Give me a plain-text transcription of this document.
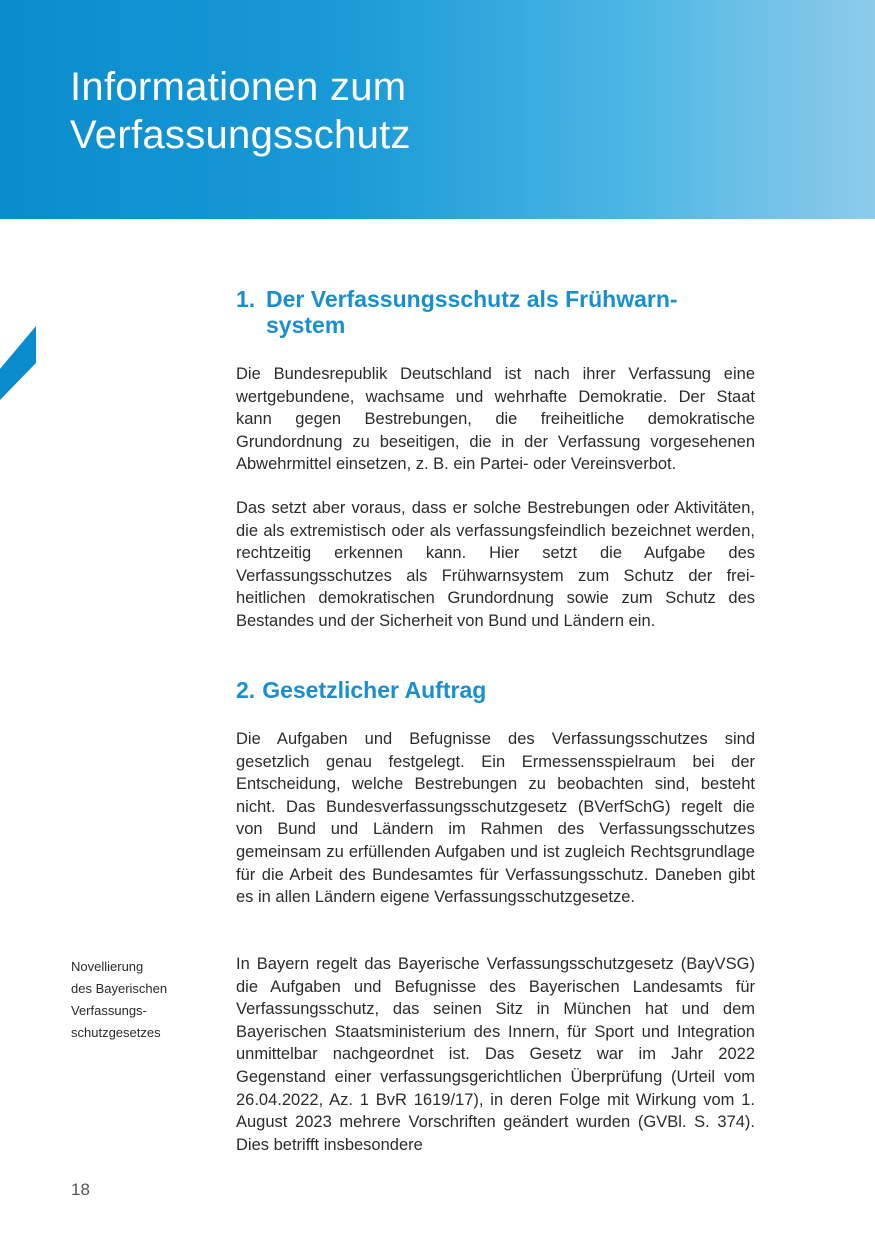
Informationen zum
Verfassungsschutz
1. Der Verfassungsschutz als Frühwarn-
system

Die Bundesrepublik Deutschland ist nach ihrer Verfassung eine wertgebundene, wachsame und wehrhafte Demokratie. Der Staat kann gegen Bestrebungen, die freiheitliche demokratische Grundordnung zu beseitigen, die in der Verfassung vorgesehenen Abwehrmittel einsetzen, z. B. ein Partei- oder Vereinsverbot.

Das setzt aber voraus, dass er solche Bestrebungen oder Aktivitäten, die als extremistisch oder als verfassungsfeindlich bezeichnet werden, rechtzeitig erkennen kann. Hier setzt die Aufgabe des Verfassungsschutzes als Frühwarnsystem zum Schutz der freiheitlichen demokratischen Grundordnung sowie zum Schutz des Bestandes und der Sicherheit von Bund und Ländern ein.

2. Gesetzlicher Auftrag

Die Aufgaben und Befugnisse des Verfassungsschutzes sind gesetzlich genau festgelegt. Ein Ermessensspielraum bei der Entscheidung, welche Bestrebungen zu beobachten sind, besteht nicht. Das Bundesverfassungsschutzgesetz (BVerfSchG) regelt die von Bund und Ländern im Rahmen des Verfassungsschutzes gemeinsam zu erfüllenden Aufgaben und ist zugleich Rechtsgrundlage für die Arbeit des Bundesamtes für Verfassungsschutz. Daneben gibt es in allen Ländern eigene Verfassungsschutzgesetze.

In Bayern regelt das Bayerische Verfassungsschutzgesetz (BayVSG) die Aufgaben und Befugnisse des Bayerischen Landesamts für Verfassungsschutz, das seinen Sitz in München hat und dem Bayerischen Staatsministerium des Innern, für Sport und Integration unmittelbar nachgeordnet ist. Das Gesetz war im Jahr 2022 Gegenstand einer verfassungsgerichtlichen Überprüfung (Urteil vom 26.04.2022, Az. 1 BvR 1619/17), in deren Folge mit Wirkung vom 1. August 2023 mehrere Vorschriften geändert wurden (GVBl. S. 374). Dies betrifft insbesondere

Novellierung
des Bayerischen
Verfassungs-
schutzgesetzes
18
